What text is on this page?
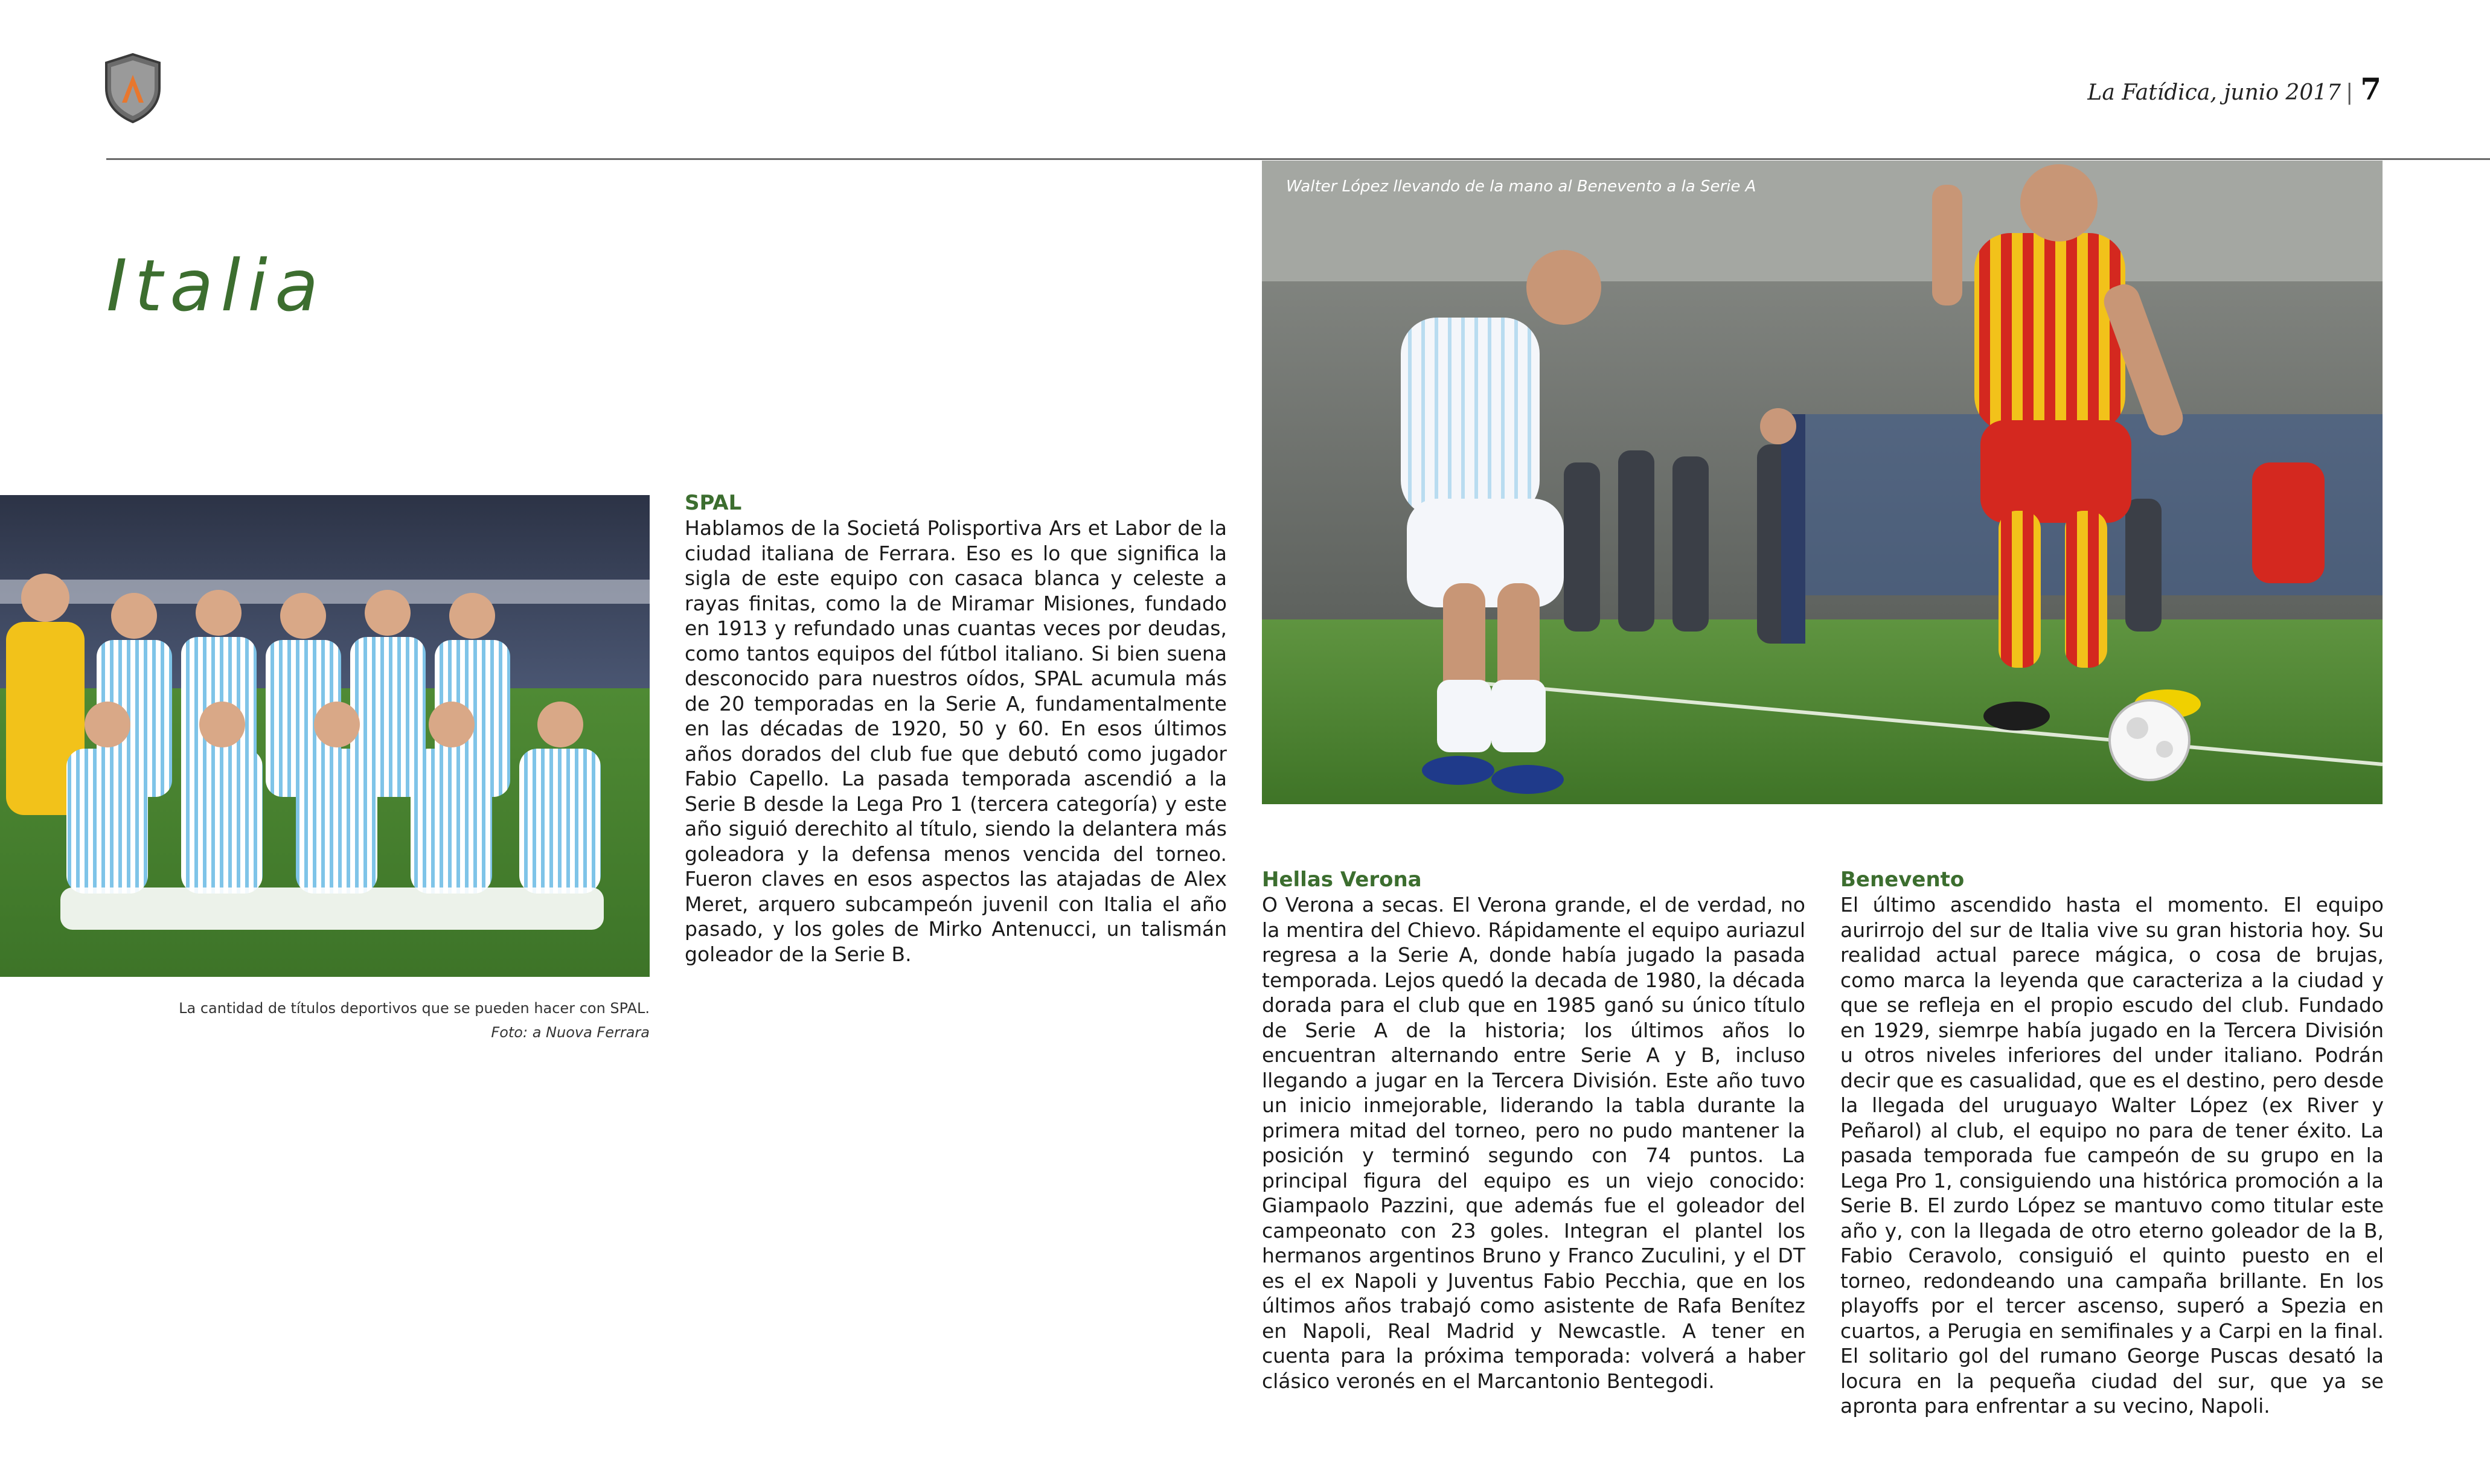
La Fatídica, junio 2017 | 7
Italia
La cantidad de títulos deportivos que se pueden hacer con SPAL.
Foto: a Nuova Ferrara
Walter López llevando de la mano al Benevento a la Serie A
SPAL

Hablamos de la Societá Polisportiva Ars et Labor de la ciudad italiana de Ferrara. Eso es lo que significa la sigla de este equipo con casaca blanca y celeste a rayas finitas, como la de Miramar Misiones, fundado en 1913 y refundado unas cuantas veces por deudas, como tantos equipos del fútbol italiano. Si bien suena desconocido para nuestros oídos, SPAL acumula más de 20 temporadas en la Serie A, fundamentalmente en las décadas de 1920, 50 y 60. En esos últimos años dorados del club fue que debutó como jugador Fabio Capello. La pasada temporada ascendió a la Serie B desde la Lega Pro 1 (tercera categoría) y este año siguió derechito al título, siendo la delantera más goleadora y la defensa menos vencida del torneo. Fueron claves en esos aspectos las atajadas de Alex Meret, arquero subcampeón juvenil con Italia el año pasado, y los goles de Mirko Antenucci, un talismán goleador de la Serie B.

Hellas Verona

O Verona a secas. El Verona grande, el de verdad, no la mentira del Chievo. Rápidamente el equipo auriazul regresa a la Serie A, donde había jugado la pasada temporada. Lejos quedó la decada de 1980, la década dorada para el club que en 1985 ganó su único título de Serie A de la historia; los últimos años lo encuentran alternando entre Serie A y B, incluso llegando a jugar en la Tercera División. Este año tuvo un inicio inmejorable, liderando la tabla durante la primera mitad del torneo, pero no pudo mantener la posición y terminó segundo con 74 puntos. La principal figura del equipo es un viejo conocido: Giampaolo Pazzini, que además fue el goleador del campeonato con 23 goles. Integran el plantel los hermanos argentinos Bruno y Franco Zuculini, y el DT es el ex Napoli y Juventus Fabio Pecchia, que en los últimos años trabajó como asistente de Rafa Benítez en Napoli, Real Madrid y Newcastle. A tener en cuenta para la próxima temporada: volverá a haber clásico veronés en el Marcantonio Bentegodi.

Benevento

El último ascendido hasta el momento. El equipo aurirrojo del sur de Italia vive su gran historia hoy. Su realidad actual parece mágica, o cosa de brujas, como marca la leyenda que caracteriza a la ciudad y que se refleja en el propio escudo del club. Fundado en 1929, siemrpe había jugado en la Tercera División u otros niveles inferiores del under italiano. Podrán decir que es casualidad, que es el destino, pero desde la llegada del uruguayo Walter López (ex River y Peñarol) al club, el equipo no para de tener éxito. La pasada temporada fue campeón de su grupo en la Lega Pro 1, consiguiendo una histórica promoción a la Serie B. El zurdo López se mantuvo como titular este año y, con la llegada de otro eterno goleador de la B, Fabio Ceravolo, consiguió el quinto puesto en el torneo, redondeando una campaña brillante. En los playoffs por el tercer ascenso, superó a Spezia en cuartos, a Perugia en semifinales y a Carpi en la final. El solitario gol del rumano George Puscas desató la locura en la pequeña ciudad del sur, que ya se apronta para enfrentar a su vecino, Napoli.
